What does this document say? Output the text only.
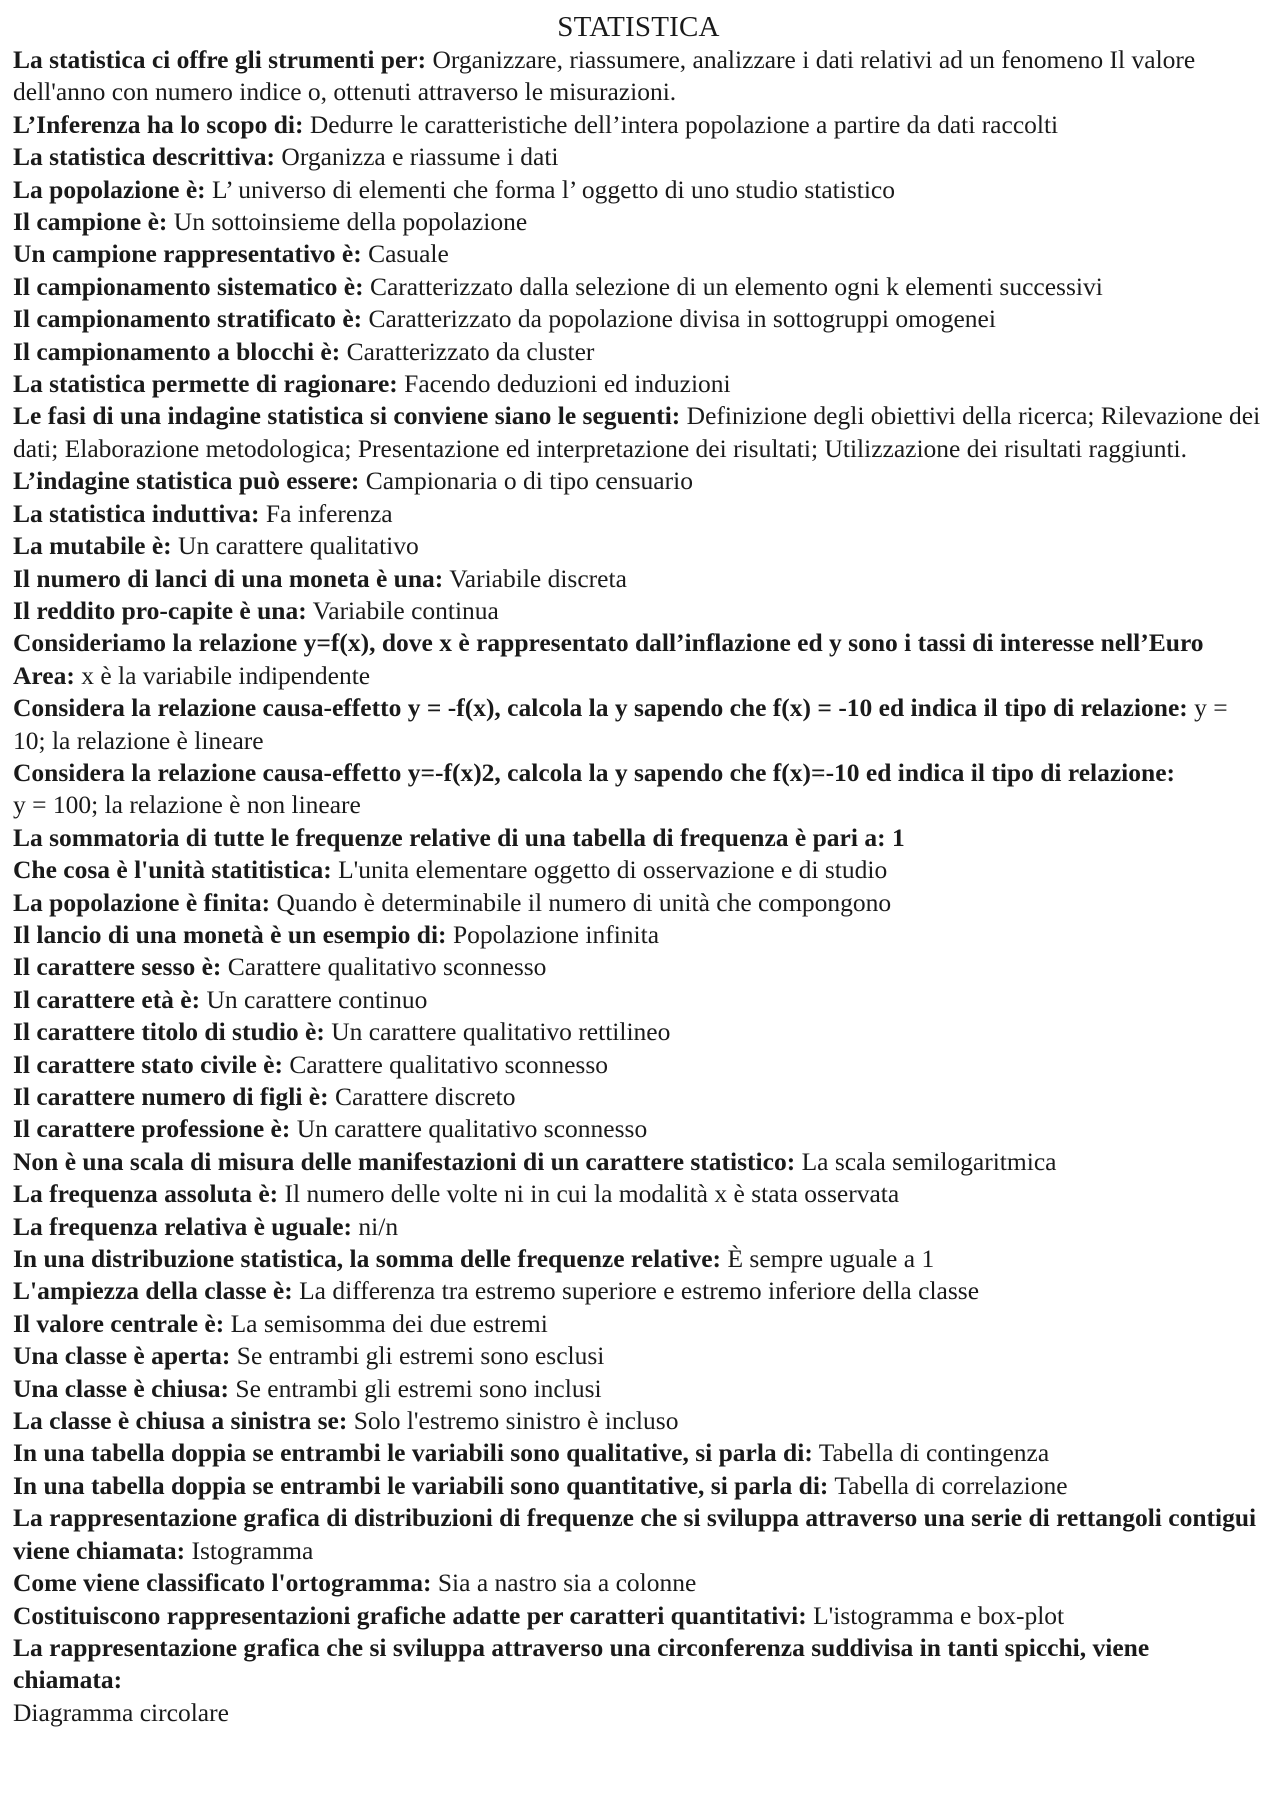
STATISTICA
La statistica ci offre gli strumenti per: Organizzare, riassumere, analizzare i dati relativi ad un fenomeno Il valore dell'anno con numero indice o, ottenuti attraverso le misurazioni.
L’Inferenza ha lo scopo di: Dedurre le caratteristiche dell’intera popolazione a partire da dati raccolti
La statistica descrittiva: Organizza e riassume i dati
La popolazione è: L’ universo di elementi che forma l’ oggetto di uno studio statistico
Il campione è: Un sottoinsieme della popolazione
Un campione rappresentativo è: Casuale
Il campionamento sistematico è: Caratterizzato dalla selezione di un elemento ogni k elementi successivi
Il campionamento stratificato è: Caratterizzato da popolazione divisa in sottogruppi omogenei
Il campionamento a blocchi è: Caratterizzato da cluster
La statistica permette di ragionare: Facendo deduzioni ed induzioni
Le fasi di una indagine statistica si conviene siano le seguenti: Definizione degli obiettivi della ricerca; Rilevazione dei dati; Elaborazione metodologica; Presentazione ed interpretazione dei risultati; Utilizzazione dei risultati raggiunti.
L’indagine statistica può essere: Campionaria o di tipo censuario
La statistica induttiva: Fa inferenza
La mutabile è: Un carattere qualitativo
Il numero di lanci di una moneta è una: Variabile discreta
Il reddito pro-capite è una: Variabile continua
Consideriamo la relazione y=f(x), dove x è rappresentato dall’inflazione ed y sono i tassi di interesse nell’Euro Area: x è la variabile indipendente
Considera la relazione causa-effetto y = -f(x), calcola la y sapendo che f(x) = -10 ed indica il tipo di relazione: y = 10; la relazione è lineare
Considera la relazione causa-effetto y=-f(x)2, calcola la y sapendo che f(x)=-10 ed indica il tipo di relazione:
y = 100; la relazione è non lineare
La sommatoria di tutte le frequenze relative di una tabella di frequenza è pari a: 1
Che cosa è l'unità statitistica: L'unita elementare oggetto di osservazione e di studio
La popolazione è finita: Quando è determinabile il numero di unità che compongono
Il lancio di una monetà è un esempio di: Popolazione infinita
Il carattere sesso è: Carattere qualitativo sconnesso
Il carattere età è: Un carattere continuo
Il carattere titolo di studio è: Un carattere qualitativo rettilineo
Il carattere stato civile è: Carattere qualitativo sconnesso
Il carattere numero di figli è: Carattere discreto
Il carattere professione è: Un carattere qualitativo sconnesso
Non è una scala di misura delle manifestazioni di un carattere statistico: La scala semilogaritmica
La frequenza assoluta è: Il numero delle volte ni in cui la modalità x è stata osservata
La frequenza relativa è uguale: ni/n
In una distribuzione statistica, la somma delle frequenze relative: È sempre uguale a 1
L'ampiezza della classe è: La differenza tra estremo superiore e estremo inferiore della classe
Il valore centrale è: La semisomma dei due estremi
Una classe è aperta: Se entrambi gli estremi sono esclusi
Una classe è chiusa: Se entrambi gli estremi sono inclusi
La classe è chiusa a sinistra se: Solo l'estremo sinistro è incluso
In una tabella doppia se entrambi le variabili sono qualitative, si parla di: Tabella di contingenza
In una tabella doppia se entrambi le variabili sono quantitative, si parla di: Tabella di correlazione
La rappresentazione grafica di distribuzioni di frequenze che si sviluppa attraverso una serie di rettangoli contigui viene chiamata: Istogramma
Come viene classificato l'ortogramma: Sia a nastro sia a colonne
Costituiscono rappresentazioni grafiche adatte per caratteri quantitativi: L'istogramma e box-plot
La rappresentazione grafica che si sviluppa attraverso una circonferenza suddivisa in tanti spicchi, viene chiamata:
Diagramma circolare
